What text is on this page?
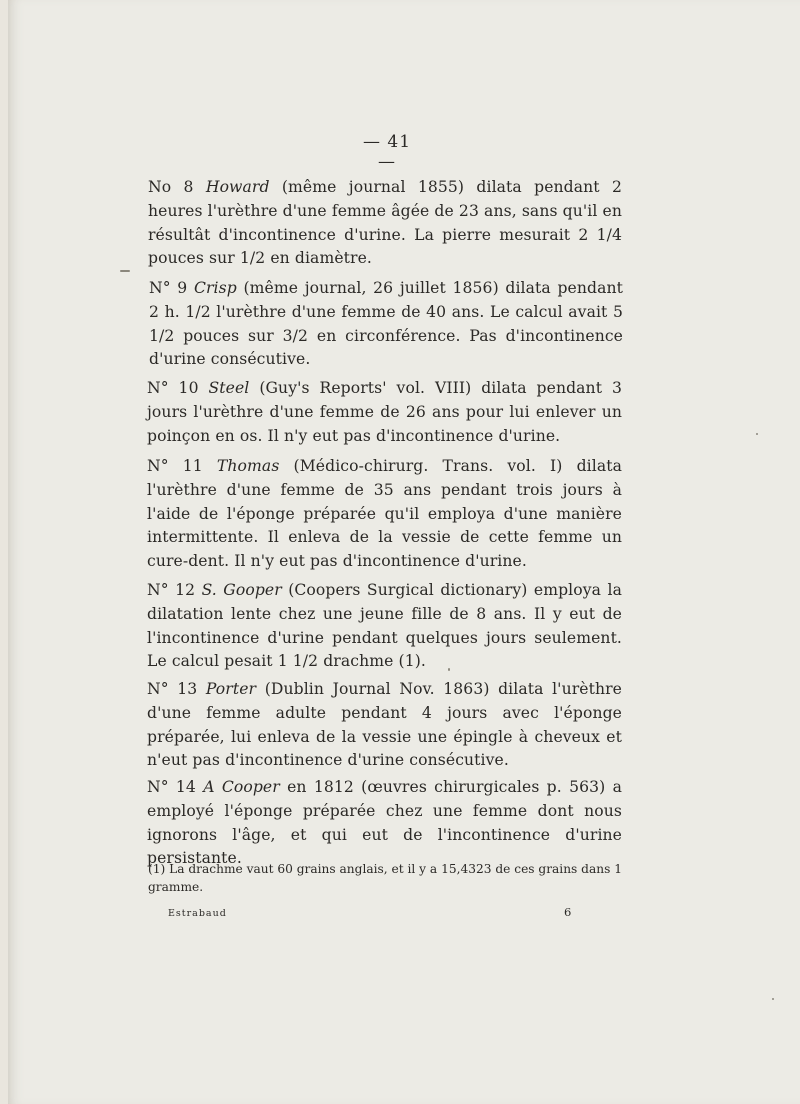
— 41 —
No 8 Howard (même journal 1855) dilata pendant 2 heures l'urèthre d'une femme âgée de 23 ans, sans qu'il en résultât d'incontinence d'urine. La pierre mesurait 2 1/4 pouces sur 1/2 en diamètre.
N° 9 Crisp (même journal, 26 juillet 1856) dilata pendant 2 h. 1/2 l'urèthre d'une femme de 40 ans. Le calcul avait 5 1/2 pouces sur 3/2 en circonférence. Pas d'incontinence d'urine consécutive.
N° 10 Steel (Guy's Reports' vol. VIII) dilata pendant 3 jours l'urèthre d'une femme de 26 ans pour lui enlever un poinçon en os. Il n'y eut pas d'incontinence d'urine.
N° 11 Thomas (Médico-chirurg. Trans. vol. I) dilata l'urèthre d'une femme de 35 ans pendant trois jours à l'aide de l'éponge préparée qu'il employa d'une manière intermittente. Il enleva de la vessie de cette femme un cure-dent. Il n'y eut pas d'incontinence d'urine.
N° 12 S. Gooper (Coopers Surgical dictionary) employa la dilatation lente chez une jeune fille de 8 ans. Il y eut de l'incontinence d'urine pendant quelques jours seulement. Le calcul pesait 1 1/2 drachme (1).
N° 13 Porter (Dublin Journal Nov. 1863) dilata l'urèthre d'une femme adulte pendant 4 jours avec l'éponge préparée, lui enleva de la vessie une épingle à cheveux et n'eut pas d'incontinence d'urine consécutive.
N° 14 A Cooper en 1812 (œuvres chirurgicales p. 563) a employé l'éponge préparée chez une femme dont nous ignorons l'âge, et qui eut de l'incontinence d'urine persistante.
(1) La drachme vaut 60 grains anglais, et il y a 15,4323 de ces grains dans 1 gramme.
Estrabaud	6
